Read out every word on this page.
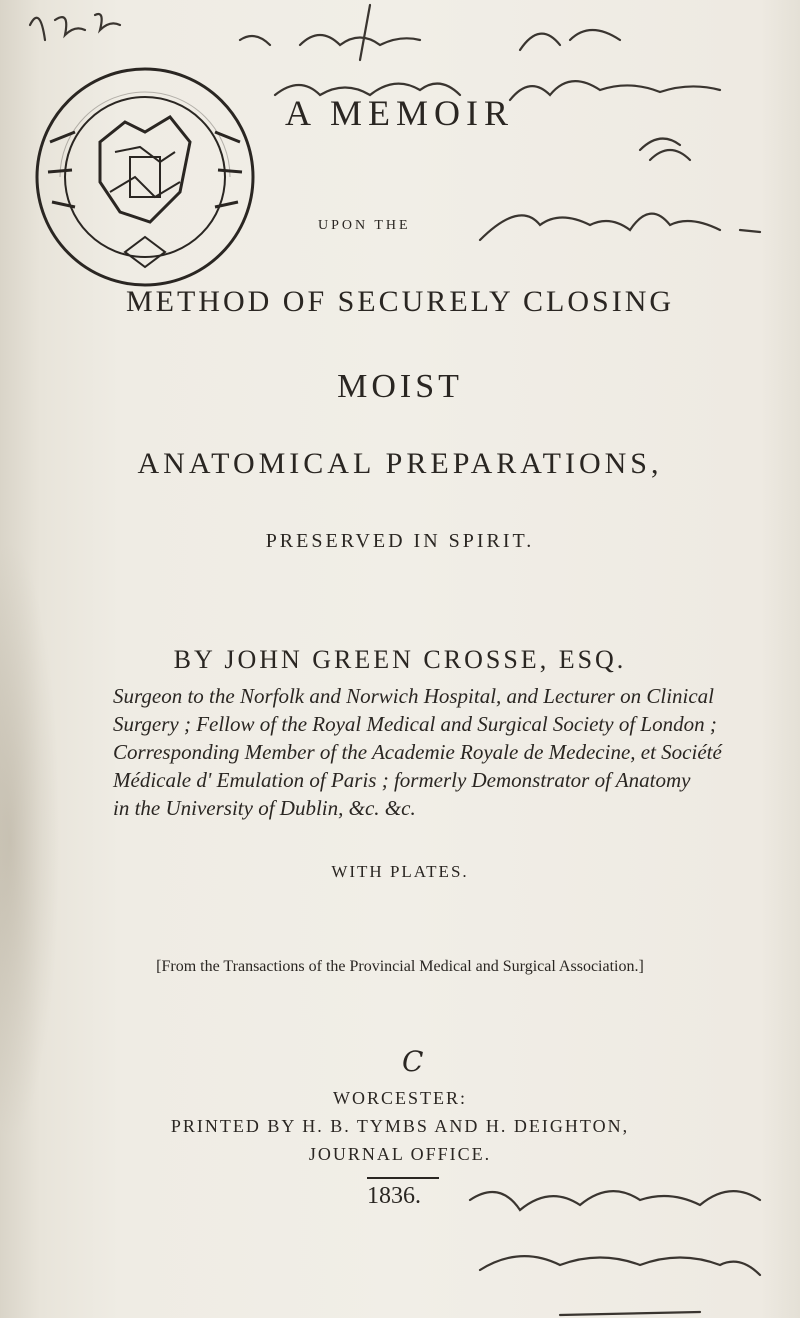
A MEMOIR
UPON THE
METHOD OF SECURELY CLOSING
MOIST
ANATOMICAL PREPARATIONS,
PRESERVED IN SPIRIT.
BY JOHN GREEN CROSSE, ESQ.
Surgeon to the Norfolk and Norwich Hospital, and Lecturer on Clinical
Surgery ; Fellow of the Royal Medical and Surgical Society of London ;
Corresponding Member of the Academie Royale de Medecine, et Société
Médicale d' Emulation of Paris ; formerly Demonstrator of Anatomy
in the University of Dublin, &c. &c.
WITH PLATES.
[From the Transactions of the Provincial Medical and Surgical Association.]
C
WORCESTER:
PRINTED BY H. B. TYMBS AND H. DEIGHTON,
JOURNAL OFFICE.
1836.
